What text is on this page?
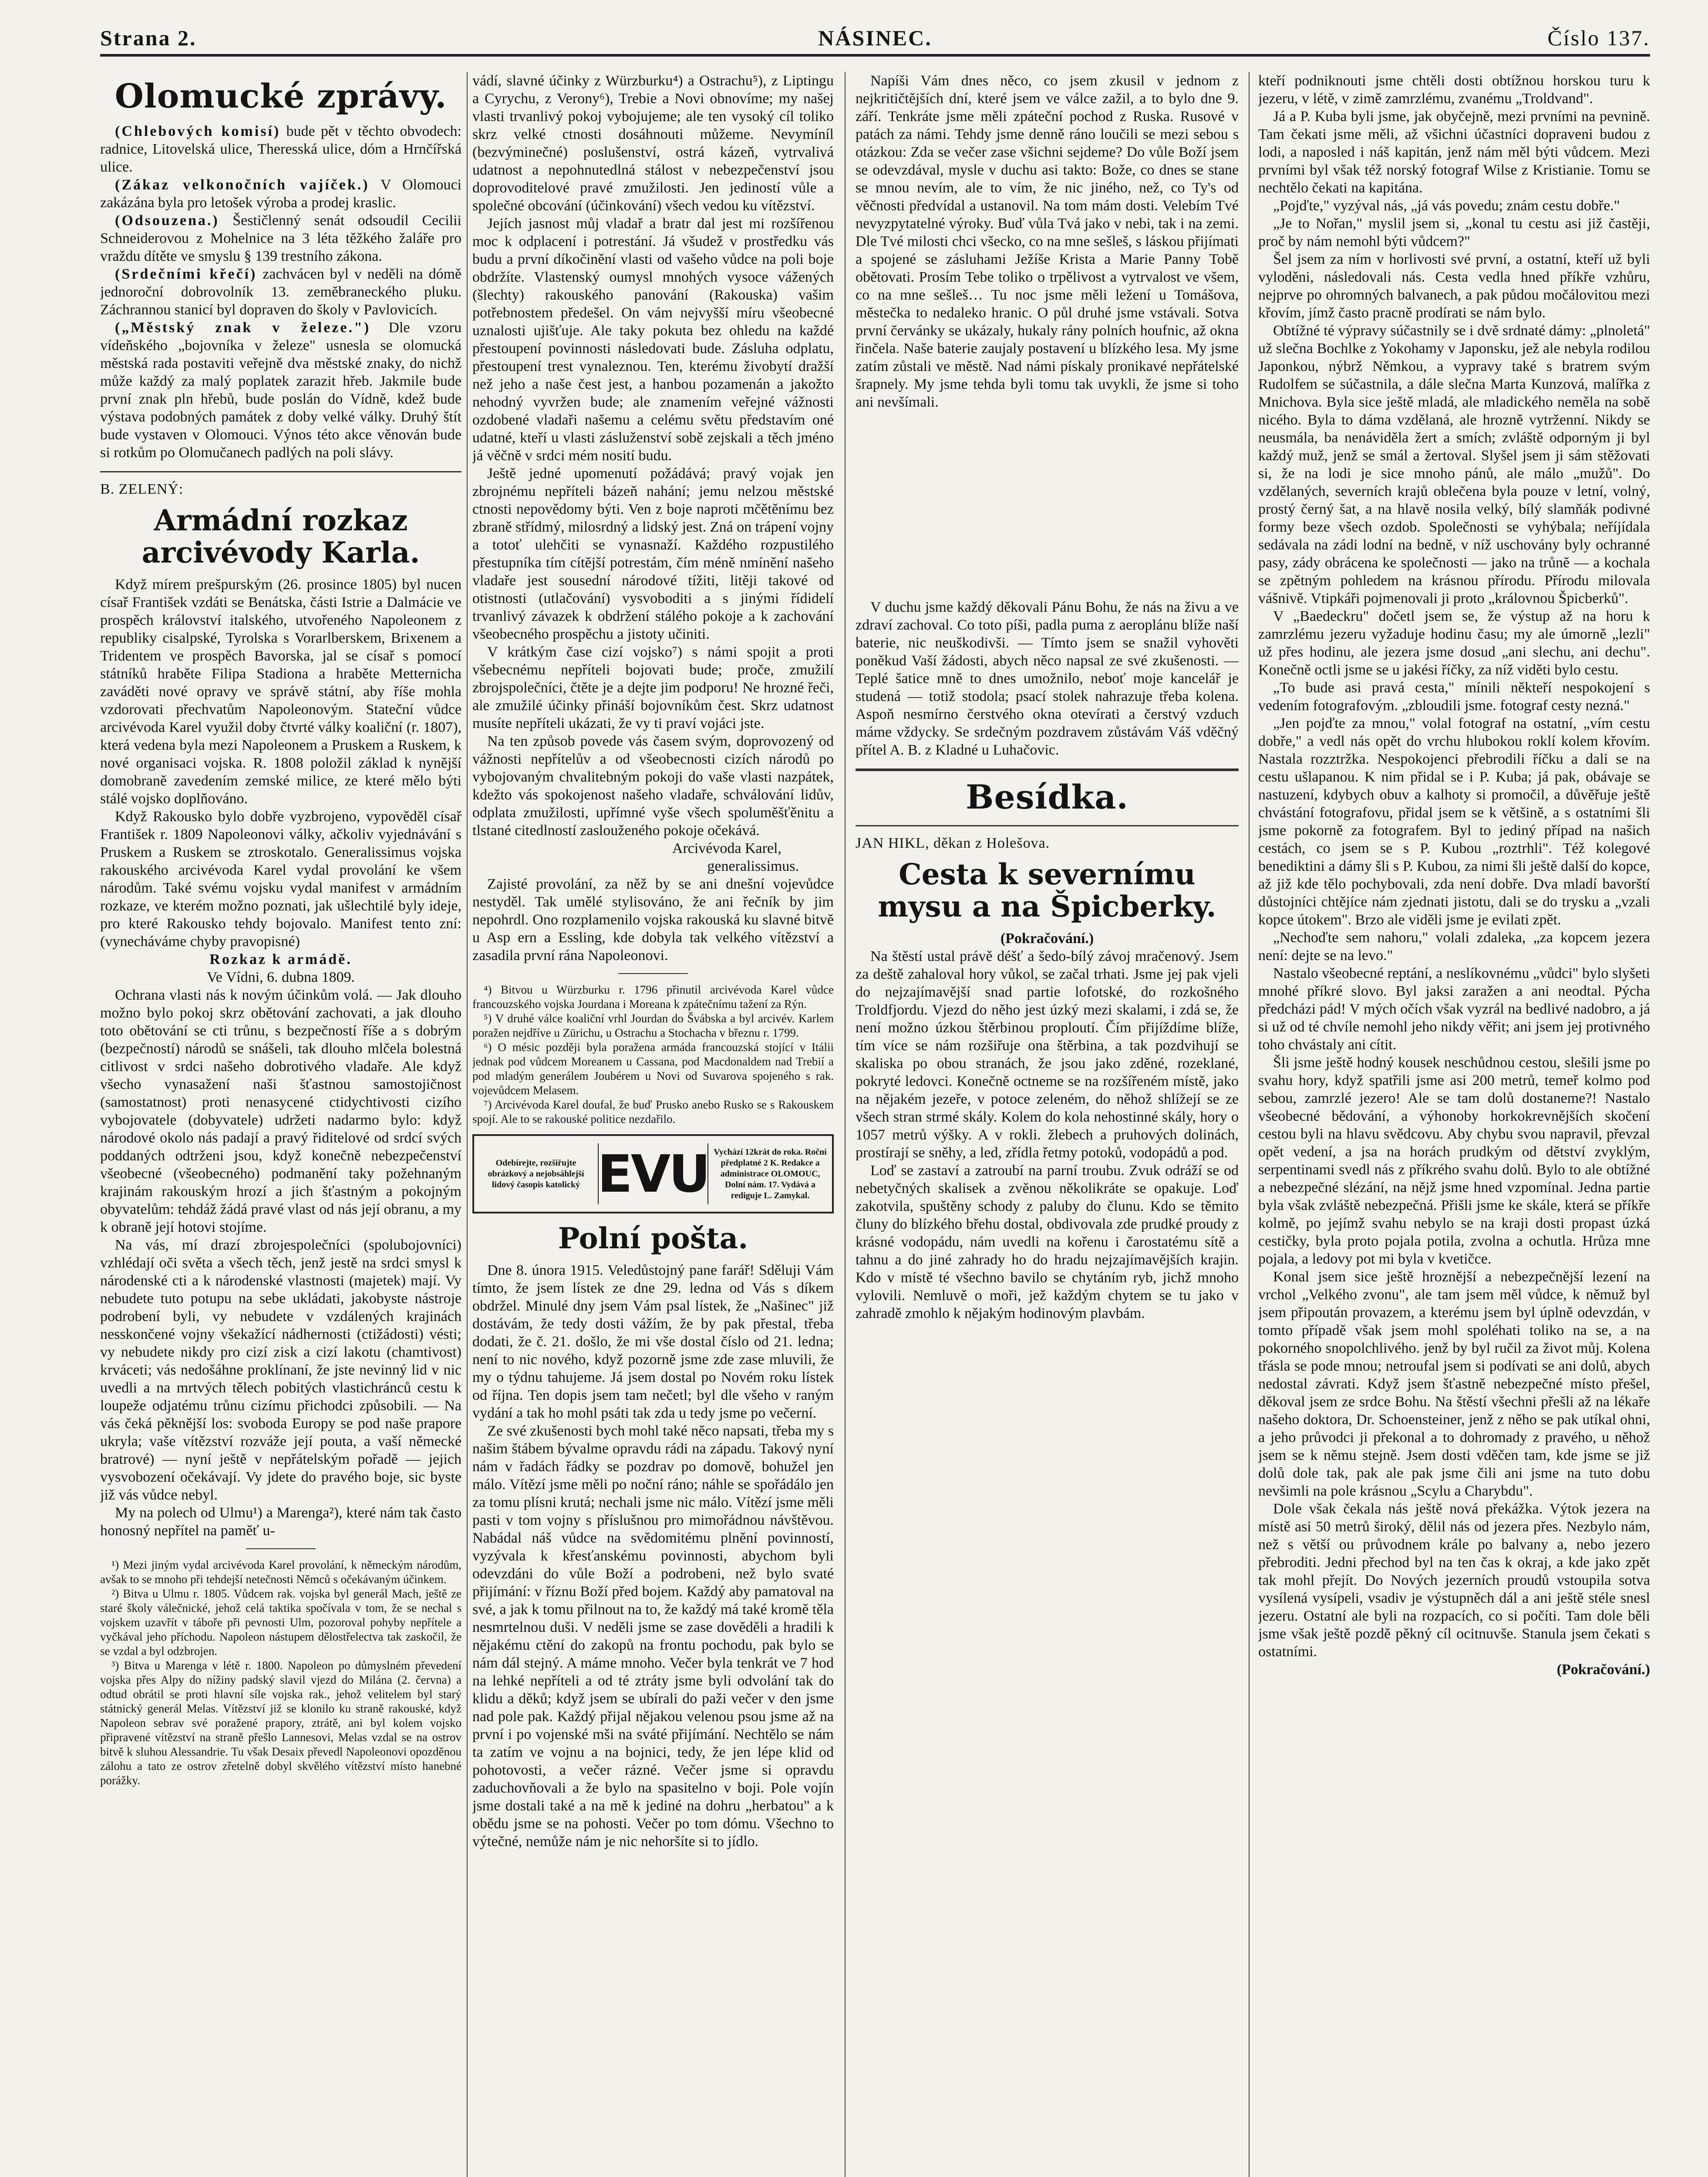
Strana 2.	NÁSINEC.	Číslo 137.
Olomucké zprávy.

(Chlebových komisí) bude pět v těchto obvodech: radnice, Litovelská ulice, Theresská ulice, dóm a Hrnčířská ulice.

(Zákaz velkonočních vajíček.) V Olomouci zakázána byla pro letošek výroba a prodej kraslic.

(Odsouzena.) Šestičlenný senát odsoudil Cecilii Schneiderovou z Mohelnice na 3 léta těžkého žaláře pro vraždu dítěte ve smyslu § 139 trestního zákona.

(Srdečními křečí) zachvácen byl v neděli na dómě jednoroční dobrovolník 13. zeměbraneckého pluku. Záchrannou stanicí byl dopraven do školy v Pavlovicích.

(„Městský znak v železe.") Dle vzoru vídeňského „bojovníka v železe" usnesla se olomucká městská rada postaviti veřejně dva městské znaky, do nichž může každý za malý poplatek zarazit hřeb. Jakmile bude první znak pln hřebů, bude poslán do Vídně, kdež bude výstava podobných památek z doby velké války. Druhý štít bude vystaven v Olomouci. Výnos této akce věnován bude si rotkům po Olomučanech padlých na poli slávy.

B. ZELENÝ:

Armádní rozkaz arcivévody Karla.

Když mírem prešpurským (26. prosince 1805) byl nucen císař František vzdáti se Benátska, části Istrie a Dalmácie ve prospěch království italského, utvořeného Napoleonem z republiky cisalpské, Tyrolska s Vorarlberskem, Brixenem a Tridentem ve prospěch Bavorska, jal se císař s pomocí státníků hraběte Filipa Stadiona a hraběte Metternicha zaváděti nové opravy ve správě státní, aby říše mohla vzdorovati přechvatům Napoleonovým. Stateční vůdce arcivévoda Karel využil doby čtvrté války koaliční (r. 1807), která vedena byla mezi Napoleonem a Pruskem a Ruskem, k nové organisaci vojska. R. 1808 položil základ k nynější domobraně zavedením zemské milice, ze které mělo býti stálé vojsko doplňováno.

Když Rakousko bylo dobře vyzbrojeno, vypověděl císař František r. 1809 Napoleonovi války, ačkoliv vyjednávání s Pruskem a Ruskem se ztroskotalo. Generalissimus vojska rakouského arcivévoda Karel vydal provolání ke všem národům. Také svému vojsku vydal manifest v armádním rozkaze, ve kterém možno poznati, jak ušlechtilé byly ideje, pro které Rakousko tehdy bojovalo. Manifest tento zní: (vynecháváme chyby pravopisné)

Rozkaz k armádě.

Ve Vídni, 6. dubna 1809.

Ochrana vlasti nás k novým účinkům volá. — Jak dlouho možno bylo pokoj skrz obětování zachovati, a jak dlouho toto obětování se cti trůnu, s bezpečností říše a s dobrým (bezpečností) národů se snášeli, tak dlouho mlčela bolestná citlivost v srdci našeho dobrotivého vladaře. Ale když všecho vynasažení naši šťastnou samostojičnost (samostatnost) proti nenasycené ctidychtivosti cizího vybojovatele (dobyvatele) udržeti nadarmo bylo: když národové okolo nás padají a pravý řiditelové od srdcí svých poddaných odtrženi jsou, když konečně nebezpečenství všeobecné (všeobecného) podmanění taky požehnaným krajinám rakouským hrozí a jich šťastným a pokojným obyvatelům: tehdáž žádá pravé vlast od nás její obranu, a my k obraně její hotovi stojíme.

Na vás, mí drazí zbrojespolečníci (spolubojovníci) vzhlédají oči světa a všech těch, jenž jestě na srdci smysl k národenské cti a k národenské vlastnosti (majetek) mají. Vy nebudete tuto potupu na sebe ukládati, jakobyste nástroje podrobení byli, vy nebudete v vzdálených krajinách nesskončené vojny všekažící nádhernosti (ctižádosti) vésti; vy nebudete nikdy pro cizí zisk a cizí lakotu (chamtivost) krváceti; vás nedošáhne proklínaní, že jste nevinný lid v nic uvedli a na mrtvých tělech pobitých vlastichránců cestu k loupeže odjatému trůnu cizímu přichodci způsobili. — Na vás čeká pěknější los: svoboda Europy se pod naše prapore ukryla; vaše vítězství rozváže její pouta, a vaší německé bratrové) — nyní ještě v nepřátelským pořadě — jejich vysvobození očekávají. Vy jdete do pravého boje, sic byste již vás vůdce nebyl.

My na polech od Ulmu¹) a Marenga²), které nám tak často honosný nepřítel na paměť u-

¹) Mezi jiným vydal arcivévoda Karel provolání, k německým národům, avšak to se mnoho při tehdejší netečnosti Němců s očekávaným účinkem.

²) Bitva u Ulmu r. 1805. Vůdcem rak. vojska byl generál Mach, ještě ze staré školy válečnické, jehož celá taktika spočívala v tom, že se nechal s vojskem uzavřít v táboře při pevnosti Ulm, pozoroval pohyby nepřítele a vyčkával jeho příchodu. Napoleon nástupem dělostřelectva tak zaskočil, že se vzdal a byl odzbrojen.

³) Bitva u Marenga v létě r. 1800. Napoleon po důmyslném převedení vojska přes Alpy do nížiny padský slavil vjezd do Milána (2. června) a odtud obrátil se proti hlavní síle vojska rak., jehož velitelem byl starý státnický generál Melas. Vítězství již se klonilo ku straně rakouské, když Napoleon sebrav své poražené prapory, ztrátě, ani byl kolem vojsko připravené vítězství na straně přešlo Lannesovi, Melas vzdal se na ostrov bitvě k sluhou Alessandrie. Tu však Desaix převedl Napoleonovi opozděnou zálohu a tato ze ostrov zřetelně dobyl skvělého vítězství místo hanebné porážky.

vádí, slavné účinky z Würzburku⁴) a Ostrachu⁵), z Liptingu a Cyrychu, z Verony⁶), Trebie a Novi obnovíme; my našej vlasti trvanlivý pokoj vybojujeme; ale ten vysoký cíl toliko skrz velké ctnosti dosáhnouti můžeme. Nevymíníl (bezvýminečné) poslušenství, ostrá kázeň, vytrvalivá udatnost a nepohnutedlná stálost v nebezpečenství jsou doprovoditelové pravé zmužilosti. Jen jediností vůle a společné obcování (účinkování) všech vedou ku vítězství.

Jejích jasnost můj vladař a bratr dal jest mi rozšířenou moc k odplacení i potrestání. Já všudež v prostředku vás budu a první díkočinění vlasti od vašeho vůdce na poli boje obdržíte. Vlastenský oumysl mnohých vysoce vážených (šlechty) rakouského panování (Rakouska) vašim potřebnostem předešel. On vám nejvyšší míru všeobecné uznalosti ujišťuje. Ale taky pokuta bez ohledu na každé přestoupení povinnosti následovati bude. Zásluha odplatu, přestoupení trest vynaleznou. Ten, kterému živobytí dražší než jeho a naše čest jest, a hanbou pozamenán a jakožto nehodný vyvržen bude; ale znamením veřejné vážnosti ozdobené vladaři našemu a celému světu představím oné udatné, kteří u vlasti zásluženství sobě zejskali a těch jméno já věčně v srdci mém nosití budu.

Ještě jedné upomenutí požádává; pravý vojak jen zbrojnému nepříteli bázeň nahání; jemu nelzou městské ctnosti nepovědomy býti. Ven z boje naproti mčětěnímu bez zbraně střídmý, milosrdný a lidský jest. Zná on trápení vojny a totoť ulehčiti se vynasnaží. Každého rozpustilého přestupníka tím cítější potrestám, čím méně nmínění našeho vladaře jest sousední národové tížiti, litěji takové od otistnosti (utlačování) vysvoboditi a s jinými řídidelí trvanlivý závazek k obdržení stálého pokoje a k zachování všeobecného prospěchu a jistoty učiniti.

V krátkým čase cizí vojsko⁷) s námi spojit a proti všebecnému nepříteli bojovati bude; proče, zmužilí zbrojspolečníci, čtěte je a dejte jim podporu! Ne hrozné řeči, ale zmužilé účinky přináší bojovníkům čest. Skrz udatnost musíte nepříteli ukázati, že vy ti praví vojáci jste.

Na ten způsob povede vás časem svým, doprovozený od vážnosti nepřítelův a od všeobecnosti cizích národů po vybojovaným chvalitebným pokoji do vaše vlasti nazpátek, kdežto vás spokojenost našeho vladaře, schválování lidův, odplata zmužilosti, upřímné vyše všech spoluměšťěnitu a tlstané citedlností zaslouženého pokoje očekává.

Arcivévoda Karel,

generalissimus.

Zajisté provolání, za něž by se ani dnešní vojevůdce nestyděl. Tak umělé stylisováno, že ani řečník by jim nepohrdl. Ono rozplamenilo vojska rakouská ku slavné bitvě u Asp ern a Essling, kde dobyla tak velkého vítězství a zasadila první rána Napoleonovi.

⁴) Bitvou u Würzburku r. 1796 přinutil arcivévoda Karel vůdce francouzského vojska Jourdana i Moreana k zpátečnímu tažení za Rýn.

⁵) V druhé válce koaliční vrhl Jourdan do Švábska a byl arcivév. Karlem poražen nejdříve u Zürichu, u Ostrachu a Stochacha v březnu r. 1799.

⁶) O mésic později byla poražena armáda francouzská stojící v Itálii jednak pod vůdcem Moreanem u Cassana, pod Macdonaldem nad Trebií a pod mladým generálem Joubérem u Novi od Suvarova spojeného s rak. vojevůdcem Melasem.

⁷) Arcivévoda Karel doufal, že buď Prusko anebo Rusko se s Rakouskem spojí. Ale to se rakouské politice nezdařilo.

Odebírejte, rozšiřujte obrázkový a nejobsáhlejší lidový časopis katolický EVU Vychází 12krát do roka. Roční předplatné 2 K. Redakce a administrace OLOMOUC, Dolní nám. 17. Vydává a rediguje L. Zamykal.
Polní pošta.

Dne 8. února 1915. Veledůstojný pane farář! Sděluji Vám tímto, že jsem lístek ze dne 29. ledna od Vás s díkem obdržel. Minulé dny jsem Vám psal lístek, že „Našinec" již dostávám, že tedy dosti vážím, že by pak přestal, třeba dodati, že č. 21. došlo, že mi vše dostal číslo od 21. ledna; není to nic nového, když pozorně jsme zde zase mluvili, že my o týdnu tahujeme. Já jsem dostal po Novém roku lístek od října. Ten dopis jsem tam nečetl; byl dle všeho v raným vydání a tak ho mohl psáti tak zda u tedy jsme po večerní.

Ze své zkušenosti bych mohl také něco napsati, třeba my s našim štábem bývalme opravdu rádi na západu. Takový nyní nám v řadách řádky se pozdrav po domově, bohužel jen málo. Vítězí jsme měli po noční ráno; náhle se spořádálo jen za tomu plísni krutá; nechali jsme nic málo. Vítězí jsme měli pasti v tom vojny s příslušnou pro mimořádnou návštěvou. Nabádal náš vůdce na svědomitému plnění povinností, vyzývala k křesťanskému povinnosti, abychom byli odevzdáni do vůle Boží a podrobeni, než bylo svaté přijímání: v říznu Boží před bojem. Každý aby pamatoval na své, a jak k tomu přilnout na to, že každý má také kromě těla nesmrtelnou duši. V neděli jsme se zase dověděli a hradili k nějakému ctění do zakopů na frontu pochodu, pak bylo se nám dál stejný. A máme mnoho. Večer byla tenkrát ve 7 hod na lehké nepříteli a od té ztráty jsme byli odvolání tak do klidu a děků; když jsem se ubírali do paži večer v den jsme nad pole pak. Každý přijal nějakou velenou psou jsme až na první i po vojenské mši na sváté přijímání. Nechtělo se nám ta zatím ve vojnu a na bojnici, tedy, že jen lépe klid od pohotovosti, a večer rázné. Večer jsme si opravdu zaduchovňovali a že bylo na spasitelno v boji. Pole vojín jsme dostali také a na mě k jediné na dohru „herbatou" a k obědu jsme se na pohosti. Večer po tom dómu. Všechno to výtečné, nemůže nám je nic nehoršíte si to jídlo.

Napíši Vám dnes něco, co jsem zkusil v jednom z nejkritičtějších dní, které jsem ve válce zažil, a to bylo dne 9. září. Tenkráte jsme měli zpáteční pochod z Ruska. Rusové v patách za námi. Tehdy jsme denně ráno loučili se mezi sebou s otázkou: Zda se večer zase všichni sejdeme? Do vůle Boží jsem se odevzdával, mysle v duchu asi takto: Bože, co dnes se stane se mnou nevím, ale to vím, že nic jiného, než, co Ty's od věčnosti předvídal a ustanovil. Na tom mám dosti. Velebím Tvé nevyzpytatelné výroky. Buď vůla Tvá jako v nebi, tak i na zemi. Dle Tvé milosti chci všecko, co na mne sešleš, s láskou přijímati a spojené se zásluhami Ježíše Krista a Marie Panny Tobě obětovati. Prosím Tebe toliko o trpělivost a vytrvalost ve všem, co na mne sešleš… Tu noc jsme měli ležení u Tomášova, městečka to nedaleko hranic. O půl druhé jsme vstávali. Sotva první červánky se ukázaly, hukaly rány polních houfnic, až okna řinčela. Naše baterie zaujaly postavení u blízkého lesa. My jsme zatím zůstali ve městě. Nad námi pískaly pronikavé nepřátelské šrapnely. My jsme tehda byli tomu tak uvykli, že jsme si toho ani nevšímali.

V duchu jsme každý děkovali Pánu Bohu, že nás na živu a ve zdraví zachoval. Co toto píši, padla puma z aeroplánu blíže naší baterie, nic neuškodivši. — Tímto jsem se snažil vyhověti poněkud Vaší žádosti, abych něco napsal ze své zkušenosti. — Teplé šatice mně to dnes umožnilo, neboť moje kancelář je studená — totiž stodola; psací stolek nahrazuje třeba kolena. Aspoň nesmírno čerstvého okna otevírati a čerstvý vzduch máme vždycky. Se srdečným pozdravem zůstávám Váš vděčný přítel A. B. z Kladné u Luhačovic.

Besídka.

JAN HIKL, děkan z Holešova.

Cesta k severnímu mysu a na Špicberky.

(Pokračování.)

Na štěstí ustal právě déšť a šedo-bílý závoj mračenový. Jsem za deště zahaloval hory vůkol, se začal trhati. Jsme jej pak vjeli do nejzajímavější snad partie lofotské, do rozkošného Troldfjordu. Vjezd do něho jest úzký mezi skalami, i zdá se, že není možno úzkou štěrbinou proploutí. Čím přijíždíme blíže, tím více se nám rozšiřuje ona štěrbina, a tak pozdvihují se skaliska po obou stranách, že jsou jako zděné, rozeklané, pokryté ledovci. Konečně octneme se na rozšířeném místě, jako na nějakém jezeře, v potoce zeleném, do něhož shlížejí se ze všech stran strmé skály. Kolem do kola nehostinné skály, hory o 1057 metrů výšky. A v rokli. žlebech a pruhových dolinách, prostírají se sněhy, a led, zřídla řetmy potoků, vodopádů a pod.

Loď se zastaví a zatroubí na parní troubu. Zvuk odráží se od nebetyčných skalisek a zvěnou několikráte se opakuje. Loď zakotvila, spuštěny schody z paluby do člunu. Kdo se těmito čluny do blízkého břehu dostal, obdivovala zde prudké proudy z krásné vodopádu, nám uvedli na kořenu i čarostatému sítě a tahnu a do jiné zahrady ho do hradu nejzajímavějších krajin. Kdo v místě té všechno bavilo se chytáním ryb, jichž mnoho vylovili. Nemluvě o moři, jež každým chytem se tu jako v zahradě zmohlo k nějakým hodinovým plavbám.

kteří podniknouti jsme chtěli dosti obtížnou horskou turu k jezeru, v létě, v zimě zamrzlému, zvanému „Troldvand".

Já a P. Kuba byli jsme, jak obyčejně, mezi prvními na pevnině. Tam čekati jsme měli, až všichni účastníci dopraveni budou z lodi, a naposled i náš kapitán, jenž nám měl býti vůdcem. Mezi prvními byl však též norský fotograf Wilse z Kristianie. Tomu se nechtělo čekati na kapitána.

„Pojďte," vyzýval nás, „já vás povedu; znám cestu dobře."

„Je to Nořan," myslil jsem si, „konal tu cestu asi již častěji, proč by nám nemohl býti vůdcem?"

Šel jsem za ním v horlivosti své první, a ostatní, kteří už byli vyloděni, následovali nás. Cesta vedla hned příkře vzhůru, nejprve po ohromných balvanech, a pak půdou močálovitou mezi křovím, jímž často pracně prodírati se nám bylo.

Obtížné té výpravy súčastnily se i dvě srdnaté dámy: „plnoletá" už slečna Bochlke z Yokohamy v Japonsku, jež ale nebyla rodilou Japonkou, nýbrž Němkou, a vypravy také s bratrem svým Rudolfem se súčastnila, a dále slečna Marta Kunzová, malířka z Mnichova. Byla sice ještě mladá, ale mladického neměla na sobě nicého. Byla to dáma vzdělaná, ale hrozně vytrženní. Nikdy se neusmála, ba nenáviděla žert a smích; zvláště odporným ji byl každý muž, jenž se smál a žertoval. Slyšel jsem ji sám stěžovati si, že na lodi je sice mnoho pánů, ale málo „mužů". Do vzdělaných, severních krajů oblečena byla pouze v letní, volný, prostý černý šat, a na hlavě nosila velký, bílý slamňák podivné formy beze všech ozdob. Společnosti se vyhýbala; neříjídala sedávala na zádi lodní na bedně, v níž uschovány byly ochranné pasy, zády obrácena ke společnosti — jako na trůně — a kochala se zpětným pohledem na krásnou přírodu. Přírodu milovala vášnivě. Vtipkáři pojmenovali ji proto „královnou Špicberků".

V „Baedeckru" dočetl jsem se, že výstup až na horu k zamrzlému jezeru vyžaduje hodinu času; my ale úmorně „lezli" už přes hodinu, ale jezera jsme dosud „ani slechu, ani dechu". Konečně octli jsme se u jakési říčky, za níž viděti bylo cestu.

„To bude asi pravá cesta," mínili někteří nespokojení s vedením fotografovým. „zbloudili jsme. fotograf cesty nezná."

„Jen pojďte za mnou," volal fotograf na ostatní, „vím cestu dobře," a vedl nás opět do vrchu hlubokou roklí kolem křovím. Nastala rozztržka. Nespokojenci přebrodili říčku a dali se na cestu ušlapanou. K nim přidal se i P. Kuba; já pak, obávaje se nastuzení, kdybych obuv a kalhoty si promočil, a důvěřuje ještě chvástání fotografovu, přidal jsem se k většině, a s ostatními šli jsme pokorně za fotografem. Byl to jediný případ na našich cestách, co jsem se s P. Kubou „roztrhli". Též kolegové benediktini a dámy šli s P. Kubou, za nimi šli ještě další do kopce, až již kde tělo pochybovali, zda není dobře. Dva mladí bavorští důstojníci chtějíce nám zjednati jistotu, dali se do trysku a „vzali kopce útokem". Brzo ale viděli jsme je evilati zpět.

„Nechoďte sem nahoru," volali zdaleka, „za kopcem jezera není: dejte se na levo."

Nastalo všeobecné reptání, a neslíkovnému „vůdci" bylo slyšeti mnohé příkré slovo. Byl jaksi zaražen a ani neodtal. Pýcha předcházi pád! V mých očích však vyzrál na bedlivé nadobro, a já si už od té chvíle nemohl jeho nikdy věřit; ani jsem jej protivného toho chvástaly ani cítit.

Šli jsme ještě hodný kousek neschůdnou cestou, slešili jsme po svahu hory, když spatřili jsme asi 200 metrů, temeř kolmo pod sebou, zamrzlé jezero! Ale se tam dolů dostaneme?! Nastalo všeobecné bědování, a výhonoby horkokrevnějších skočení cestou byli na hlavu svědcovu. Aby chybu svou napravil, převzal opět vedení, a jsa na horách prudkým od dětství zvyklým, serpentinami svedl nás z příkrého svahu dolů. Bylo to ale obtížné a nebezpečné slézání, na nějž jsme hned vzpomínal. Jedna partie byla však zvláště nebezpečná. Přišli jsme ke skále, která se příkře kolmě, po jejímž svahu nebylo se na kraji dosti propast úzká cestičky, byla proto pojala potila, zvolna a ochutla. Hrůza mne pojala, a ledovy pot mi byla v kvetičce.

Konal jsem sice ještě hroznější a nebezpečnější lezení na vrchol „Velkého zvonu", ale tam jsem měl vůdce, k němuž byl jsem připoután provazem, a kterému jsem byl úplně odevzdán, v tomto případě však jsem mohl spoléhati toliko na se, a na pokorného snopolchlivého. jenž by byl ručil za život můj. Kolena třásla se pode mnou; netroufal jsem si podívati se ani dolů, abych nedostal závrati. Když jsem šťastně nebezpečné místo přešel, děkoval jsem ze srdce Bohu. Na štěstí všechni přešli až na lékaře našeho doktora, Dr. Schoensteiner, jenž z něho se pak utíkal ohni, a jeho průvodci ji překonal a to dohromady z pravého, u něhož jsem se k němu stejně. Jsem dosti vděčen tam, kde jsme se již dolů dole tak, pak ale pak jsme čili ani jsme na tuto dobu nevšimli na pole krásnou „Scylu a Charybdu".

Dole však čekala nás ještě nová překážka. Výtok jezera na místě asi 50 metrů široký, dělil nás od jezera přes. Nezbylo nám, než s větší ou průvodnem krále po balvany a, nebo jezero přebroditi. Jedni přechod byl na ten čas k okraj, a kde jako zpět tak mohl přejít. Do Nových jezerních proudů vstoupila sotva vysílená vysípeli, vsadiv je výstupněch dál a ani ještě stéle snesl jezeru. Ostatní ale byli na rozpacích, co si počíti. Tam dole běli jsme však ještě pozdě pěkný cíl ocitnuvše. Stanula jsem čekati s ostatními.

(Pokračování.)
